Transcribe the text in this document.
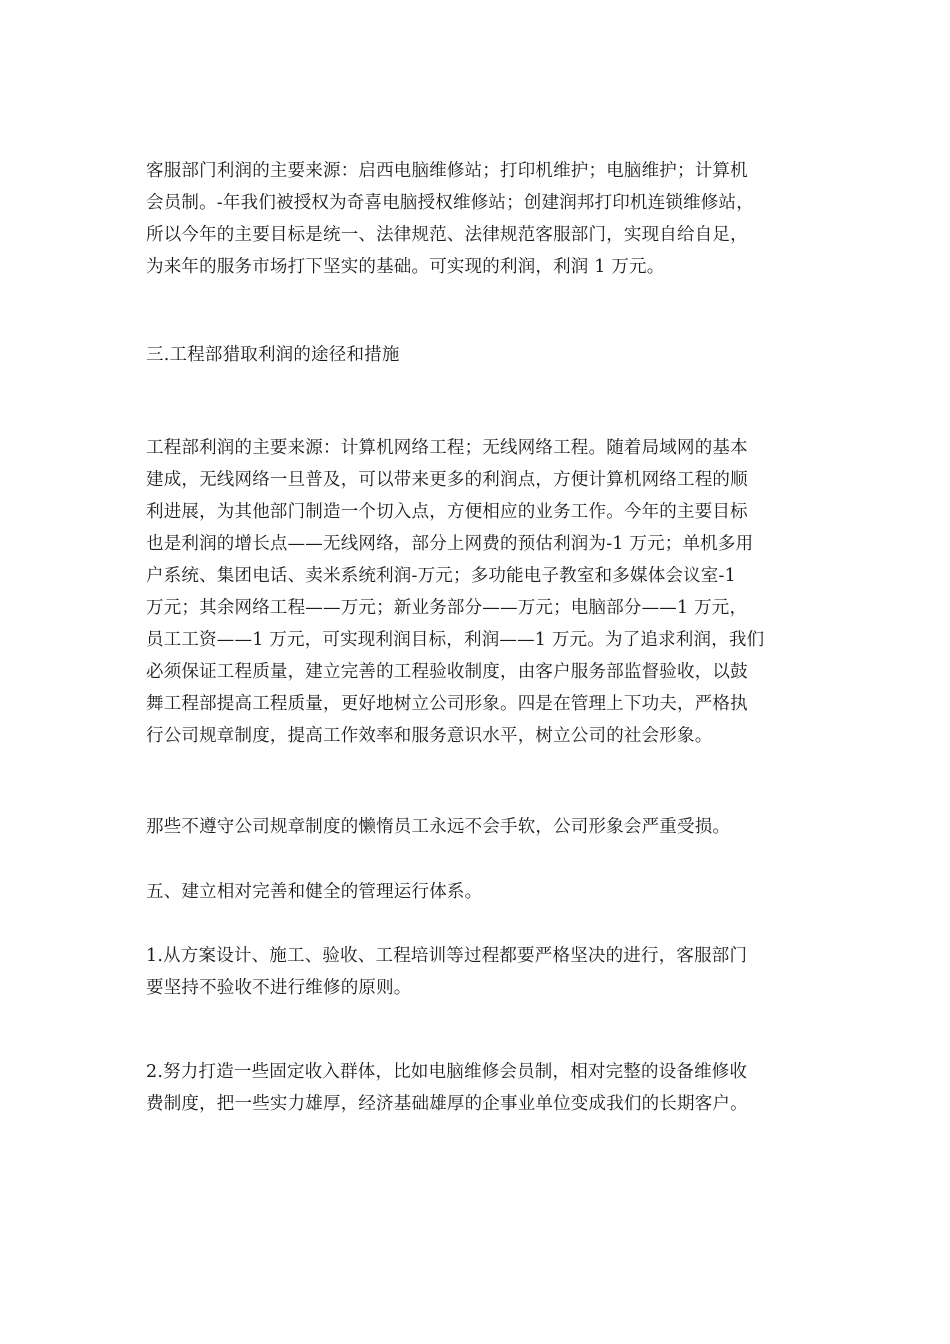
客服部门利润的主要来源：启西电脑维修站；打印机维护；电脑维护；计算机
会员制。-年我们被授权为奇喜电脑授权维修站；创建润邦打印机连锁维修站，
所以今年的主要目标是统一、法律规范、法律规范客服部门，实现自给自足，
为来年的服务市场打下坚实的基础。可实现的利润，利润 1 万元。

三.工程部猎取利润的途径和措施

工程部利润的主要来源：计算机网络工程；无线网络工程。随着局域网的基本
建成，无线网络一旦普及，可以带来更多的利润点，方便计算机网络工程的顺
利进展，为其他部门制造一个切入点，方便相应的业务工作。今年的主要目标
也是利润的增长点——无线网络，部分上网费的预估利润为-1 万元；单机多用
户系统、集团电话、卖米系统利润-万元；多功能电子教室和多媒体会议室-1
万元；其余网络工程——万元；新业务部分——万元；电脑部分——1 万元，
员工工资——1 万元，可实现利润目标，利润——1 万元。为了追求利润，我们
必须保证工程质量，建立完善的工程验收制度，由客户服务部监督验收，以鼓
舞工程部提高工程质量，更好地树立公司形象。四是在管理上下功夫，严格执
行公司规章制度，提高工作效率和服务意识水平，树立公司的社会形象。

那些不遵守公司规章制度的懒惰员工永远不会手软，公司形象会严重受损。

五、建立相对完善和健全的管理运行体系。

1.从方案设计、施工、验收、工程培训等过程都要严格坚决的进行，客服部门
要坚持不验收不进行维修的原则。

2.努力打造一些固定收入群体，比如电脑维修会员制，相对完整的设备维修收
费制度，把一些实力雄厚，经济基础雄厚的企事业单位变成我们的长期客户。
